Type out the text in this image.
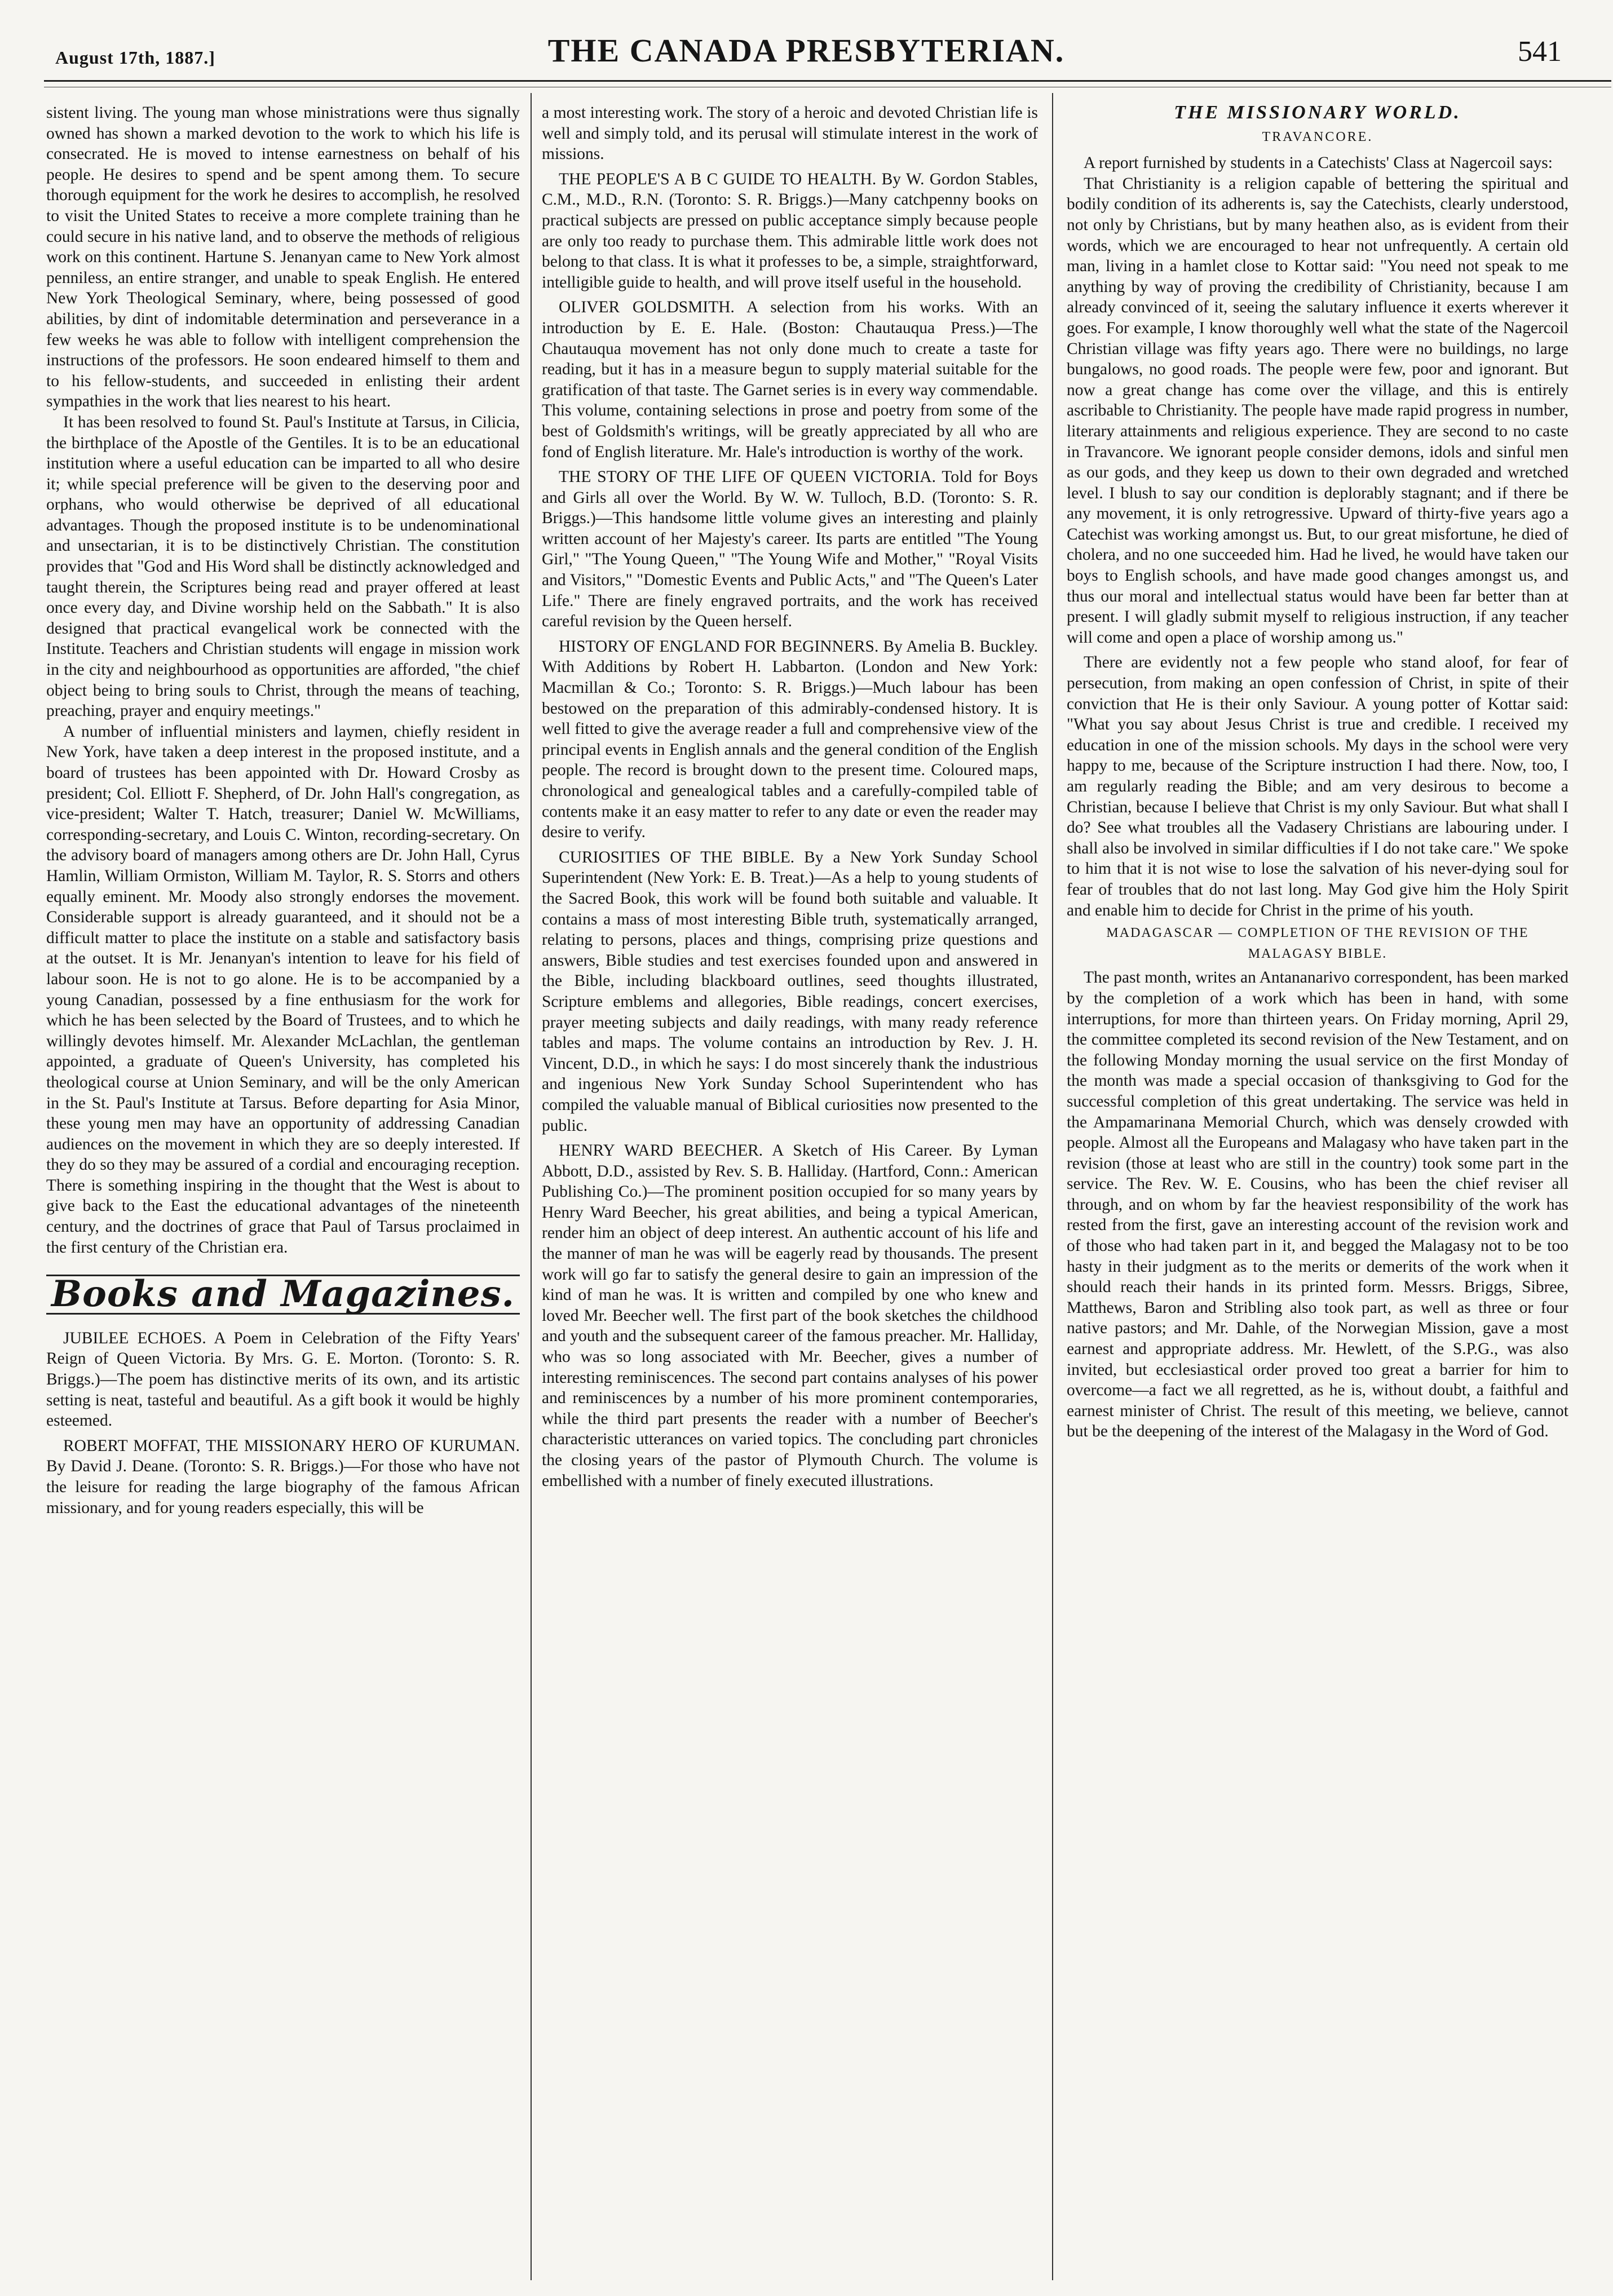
August 17th, 1887.]	THE CANADA PRESBYTERIAN.	541

sistent living. The young man whose ministrations were thus signally owned has shown a marked devotion to the work to which his life is consecrated. He is moved to intense earnestness on behalf of his people. He desires to spend and be spent among them. To secure thorough equipment for the work he desires to accomplish, he resolved to visit the United States to receive a more complete training than he could secure in his native land, and to observe the methods of religious work on this continent. Hartune S. Jenanyan came to New York almost penniless, an entire stranger, and unable to speak English. He entered New York Theological Seminary, where, being possessed of good abilities, by dint of indomitable determination and perseverance in a few weeks he was able to follow with intelligent comprehension the instructions of the professors. He soon endeared himself to them and to his fellow-students, and succeeded in enlisting their ardent sympathies in the work that lies nearest to his heart.

It has been resolved to found St. Paul's Institute at Tarsus, in Cilicia, the birthplace of the Apostle of the Gentiles. It is to be an educational institution where a useful education can be imparted to all who desire it; while special preference will be given to the deserving poor and orphans, who would otherwise be deprived of all educational advantages. Though the proposed institute is to be undenominational and unsectarian, it is to be distinctively Christian. The constitution provides that "God and His Word shall be distinctly acknowledged and taught therein, the Scriptures being read and prayer offered at least once every day, and Divine worship held on the Sabbath." It is also designed that practical evangelical work be connected with the Institute. Teachers and Christian students will engage in mission work in the city and neighbourhood as opportunities are afforded, "the chief object being to bring souls to Christ, through the means of teaching, preaching, prayer and enquiry meetings."

A number of influential ministers and laymen, chiefly resident in New York, have taken a deep interest in the proposed institute, and a board of trustees has been appointed with Dr. Howard Crosby as president; Col. Elliott F. Shepherd, of Dr. John Hall's congregation, as vice-president; Walter T. Hatch, treasurer; Daniel W. McWilliams, corresponding-secretary, and Louis C. Winton, recording-secretary. On the advisory board of managers among others are Dr. John Hall, Cyrus Hamlin, William Ormiston, William M. Taylor, R. S. Storrs and others equally eminent. Mr. Moody also strongly endorses the movement. Considerable support is already guaranteed, and it should not be a difficult matter to place the institute on a stable and satisfactory basis at the outset. It is Mr. Jenanyan's intention to leave for his field of labour soon. He is not to go alone. He is to be accompanied by a young Canadian, possessed by a fine enthusiasm for the work for which he has been selected by the Board of Trustees, and to which he willingly devotes himself. Mr. Alexander McLachlan, the gentleman appointed, a graduate of Queen's University, has completed his theological course at Union Seminary, and will be the only American in the St. Paul's Institute at Tarsus. Before departing for Asia Minor, these young men may have an opportunity of addressing Canadian audiences on the movement in which they are so deeply interested. If they do so they may be assured of a cordial and encouraging reception. There is something inspiring in the thought that the West is about to give back to the East the educational advantages of the nineteenth century, and the doctrines of grace that Paul of Tarsus proclaimed in the first century of the Christian era.

Books and Magazines.

JUBILEE ECHOES. A Poem in Celebration of the Fifty Years' Reign of Queen Victoria. By Mrs. G. E. Morton. (Toronto: S. R. Briggs.)—The poem has distinctive merits of its own, and its artistic setting is neat, tasteful and beautiful. As a gift book it would be highly esteemed.

ROBERT MOFFAT, THE MISSIONARY HERO OF KURUMAN. By David J. Deane. (Toronto: S. R. Briggs.)—For those who have not the leisure for reading the large biography of the famous African missionary, and for young readers especially, this will be

a most interesting work. The story of a heroic and devoted Christian life is well and simply told, and its perusal will stimulate interest in the work of missions.

THE PEOPLE'S A B C GUIDE TO HEALTH. By W. Gordon Stables, C.M., M.D., R.N. (Toronto: S. R. Briggs.)—Many catchpenny books on practical subjects are pressed on public acceptance simply because people are only too ready to purchase them. This admirable little work does not belong to that class. It is what it professes to be, a simple, straightforward, intelligible guide to health, and will prove itself useful in the household.

OLIVER GOLDSMITH. A selection from his works. With an introduction by E. E. Hale. (Boston: Chautauqua Press.)—The Chautauqua movement has not only done much to create a taste for reading, but it has in a measure begun to supply material suitable for the gratification of that taste. The Garnet series is in every way commendable. This volume, containing selections in prose and poetry from some of the best of Goldsmith's writings, will be greatly appreciated by all who are fond of English literature. Mr. Hale's introduction is worthy of the work.

THE STORY OF THE LIFE OF QUEEN VICTORIA. Told for Boys and Girls all over the World. By W. W. Tulloch, B.D. (Toronto: S. R. Briggs.)—This handsome little volume gives an interesting and plainly written account of her Majesty's career. Its parts are entitled "The Young Girl," "The Young Queen," "The Young Wife and Mother," "Royal Visits and Visitors," "Domestic Events and Public Acts," and "The Queen's Later Life." There are finely engraved portraits, and the work has received careful revision by the Queen herself.

HISTORY OF ENGLAND FOR BEGINNERS. By Amelia B. Buckley. With Additions by Robert H. Labbarton. (London and New York: Macmillan & Co.; Toronto: S. R. Briggs.)—Much labour has been bestowed on the preparation of this admirably-condensed history. It is well fitted to give the average reader a full and comprehensive view of the principal events in English annals and the general condition of the English people. The record is brought down to the present time. Coloured maps, chronological and genealogical tables and a carefully-compiled table of contents make it an easy matter to refer to any date or even the reader may desire to verify.

CURIOSITIES OF THE BIBLE. By a New York Sunday School Superintendent (New York: E. B. Treat.)—As a help to young students of the Sacred Book, this work will be found both suitable and valuable. It contains a mass of most interesting Bible truth, systematically arranged, relating to persons, places and things, comprising prize questions and answers, Bible studies and test exercises founded upon and answered in the Bible, including blackboard outlines, seed thoughts illustrated, Scripture emblems and allegories, Bible readings, concert exercises, prayer meeting subjects and daily readings, with many ready reference tables and maps. The volume contains an introduction by Rev. J. H. Vincent, D.D., in which he says: I do most sincerely thank the industrious and ingenious New York Sunday School Superintendent who has compiled the valuable manual of Biblical curiosities now presented to the public.

HENRY WARD BEECHER. A Sketch of His Career. By Lyman Abbott, D.D., assisted by Rev. S. B. Halliday. (Hartford, Conn.: American Publishing Co.)—The prominent position occupied for so many years by Henry Ward Beecher, his great abilities, and being a typical American, render him an object of deep interest. An authentic account of his life and the manner of man he was will be eagerly read by thousands. The present work will go far to satisfy the general desire to gain an impression of the kind of man he was. It is written and compiled by one who knew and loved Mr. Beecher well. The first part of the book sketches the childhood and youth and the subsequent career of the famous preacher. Mr. Halliday, who was so long associated with Mr. Beecher, gives a number of interesting reminiscences. The second part contains analyses of his power and reminiscences by a number of his more prominent contemporaries, while the third part presents the reader with a number of Beecher's characteristic utterances on varied topics. The concluding part chronicles the closing years of the pastor of Plymouth Church. The volume is embellished with a number of finely executed illustrations.

THE MISSIONARY WORLD.
TRAVANCORE.

A report furnished by students in a Catechists' Class at Nagercoil says:

That Christianity is a religion capable of bettering the spiritual and bodily condition of its adherents is, say the Catechists, clearly understood, not only by Christians, but by many heathen also, as is evident from their words, which we are encouraged to hear not unfrequently. A certain old man, living in a hamlet close to Kottar said: "You need not speak to me anything by way of proving the credibility of Christianity, because I am already convinced of it, seeing the salutary influence it exerts wherever it goes. For example, I know thoroughly well what the state of the Nagercoil Christian village was fifty years ago. There were no buildings, no large bungalows, no good roads. The people were few, poor and ignorant. But now a great change has come over the village, and this is entirely ascribable to Christianity. The people have made rapid progress in number, literary attainments and religious experience. They are second to no caste in Travancore. We ignorant people consider demons, idols and sinful men as our gods, and they keep us down to their own degraded and wretched level. I blush to say our condition is deplorably stagnant; and if there be any movement, it is only retrogressive. Upward of thirty-five years ago a Catechist was working amongst us. But, to our great misfortune, he died of cholera, and no one succeeded him. Had he lived, he would have taken our boys to English schools, and have made good changes amongst us, and thus our moral and intellectual status would have been far better than at present. I will gladly submit myself to religious instruction, if any teacher will come and open a place of worship among us."

There are evidently not a few people who stand aloof, for fear of persecution, from making an open confession of Christ, in spite of their conviction that He is their only Saviour. A young potter of Kottar said: "What you say about Jesus Christ is true and credible. I received my education in one of the mission schools. My days in the school were very happy to me, because of the Scripture instruction I had there. Now, too, I am regularly reading the Bible; and am very desirous to become a Christian, because I believe that Christ is my only Saviour. But what shall I do? See what troubles all the Vadasery Christians are labouring under. I shall also be involved in similar difficulties if I do not take care." We spoke to him that it is not wise to lose the salvation of his never-dying soul for fear of troubles that do not last long. May God give him the Holy Spirit and enable him to decide for Christ in the prime of his youth.

MADAGASCAR — COMPLETION OF THE REVISION OF THE MALAGASY BIBLE.

The past month, writes an Antananarivo correspondent, has been marked by the completion of a work which has been in hand, with some interruptions, for more than thirteen years. On Friday morning, April 29, the committee completed its second revision of the New Testament, and on the following Monday morning the usual service on the first Monday of the month was made a special occasion of thanksgiving to God for the successful completion of this great undertaking. The service was held in the Ampamarinana Memorial Church, which was densely crowded with people. Almost all the Europeans and Malagasy who have taken part in the revision (those at least who are still in the country) took some part in the service. The Rev. W. E. Cousins, who has been the chief reviser all through, and on whom by far the heaviest responsibility of the work has rested from the first, gave an interesting account of the revision work and of those who had taken part in it, and begged the Malagasy not to be too hasty in their judgment as to the merits or demerits of the work when it should reach their hands in its printed form. Messrs. Briggs, Sibree, Matthews, Baron and Stribling also took part, as well as three or four native pastors; and Mr. Dahle, of the Norwegian Mission, gave a most earnest and appropriate address. Mr. Hewlett, of the S.P.G., was also invited, but ecclesiastical order proved too great a barrier for him to overcome—a fact we all regretted, as he is, without doubt, a faithful and earnest minister of Christ. The result of this meeting, we believe, cannot but be the deepening of the interest of the Malagasy in the Word of God.
